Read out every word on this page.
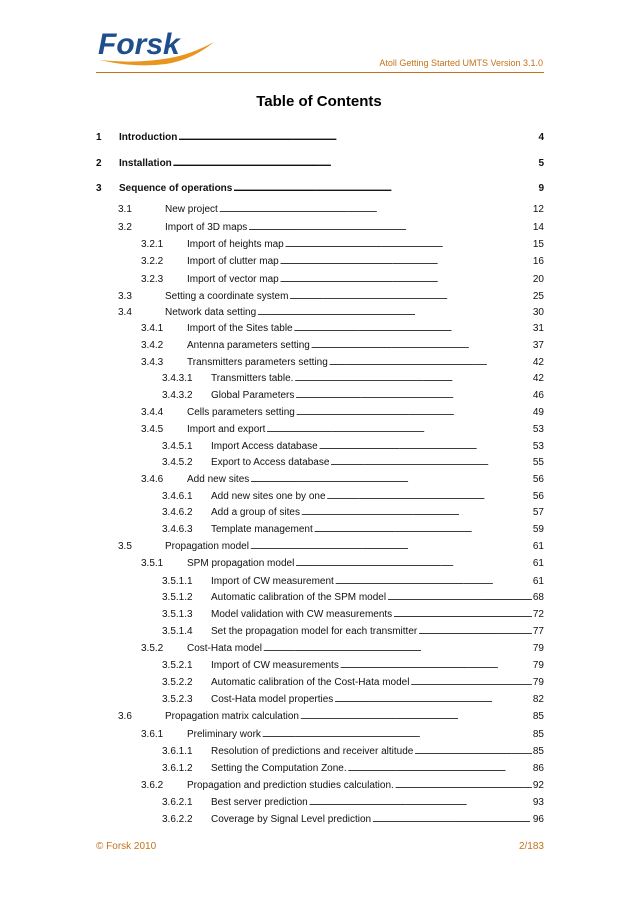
Forsk
Atoll Getting Started UMTS Version 3.1.0
Table of Contents
1	Introduction . . .	4
2	Installation . . .	5
3	Sequence of operations . . .	9
3.1	New project . . .	12
3.2	Import of 3D maps . . .	14
3.2.1	Import of heights map . . .	15
3.2.2	Import of clutter map . . .	16
3.2.3	Import of vector map . . .	20
3.3	Setting a coordinate system . . .	25
3.4	Network data setting . . .	30
3.4.1	Import of the Sites table . . .	31
3.4.2	Antenna parameters setting . . .	37
3.4.3	Transmitters parameters setting . . .	42
3.4.3.1	Transmitters table. . . .	42
3.4.3.2	Global Parameters . . .	46
3.4.4	Cells parameters setting . . .	49
3.4.5	Import and export . . .	53
3.4.5.1	Import Access database . . .	53
3.4.5.2	Export to Access database . . .	55
3.4.6	Add new sites . . .	56
3.4.6.1	Add new sites one by one . . .	56
3.4.6.2	Add a group of sites . . .	57
3.4.6.3	Template management . . .	59
3.5	Propagation model . . .	61
3.5.1	SPM propagation model . . .	61
3.5.1.1	Import of CW measurement . . .	61
3.5.1.2	Automatic calibration of the SPM model . . .	68
3.5.1.3	Model validation with CW measurements . . .	72
3.5.1.4	Set the propagation model for each transmitter . . .	77
3.5.2	Cost-Hata model . . .	79
3.5.2.1	Import of CW measurements . . .	79
3.5.2.2	Automatic calibration of the Cost-Hata model . . .	79
3.5.2.3	Cost-Hata model properties . . .	82
3.6	Propagation matrix calculation . . .	85
3.6.1	Preliminary work . . .	85
3.6.1.1	Resolution of predictions and receiver altitude . . .	85
3.6.1.2	Setting the Computation Zone. . . .	86
3.6.2	Propagation and prediction studies calculation. . . .	92
3.6.2.1	Best server prediction . . .	93
3.6.2.2	Coverage by Signal Level prediction . . .	96
© Forsk 2010	2/183
